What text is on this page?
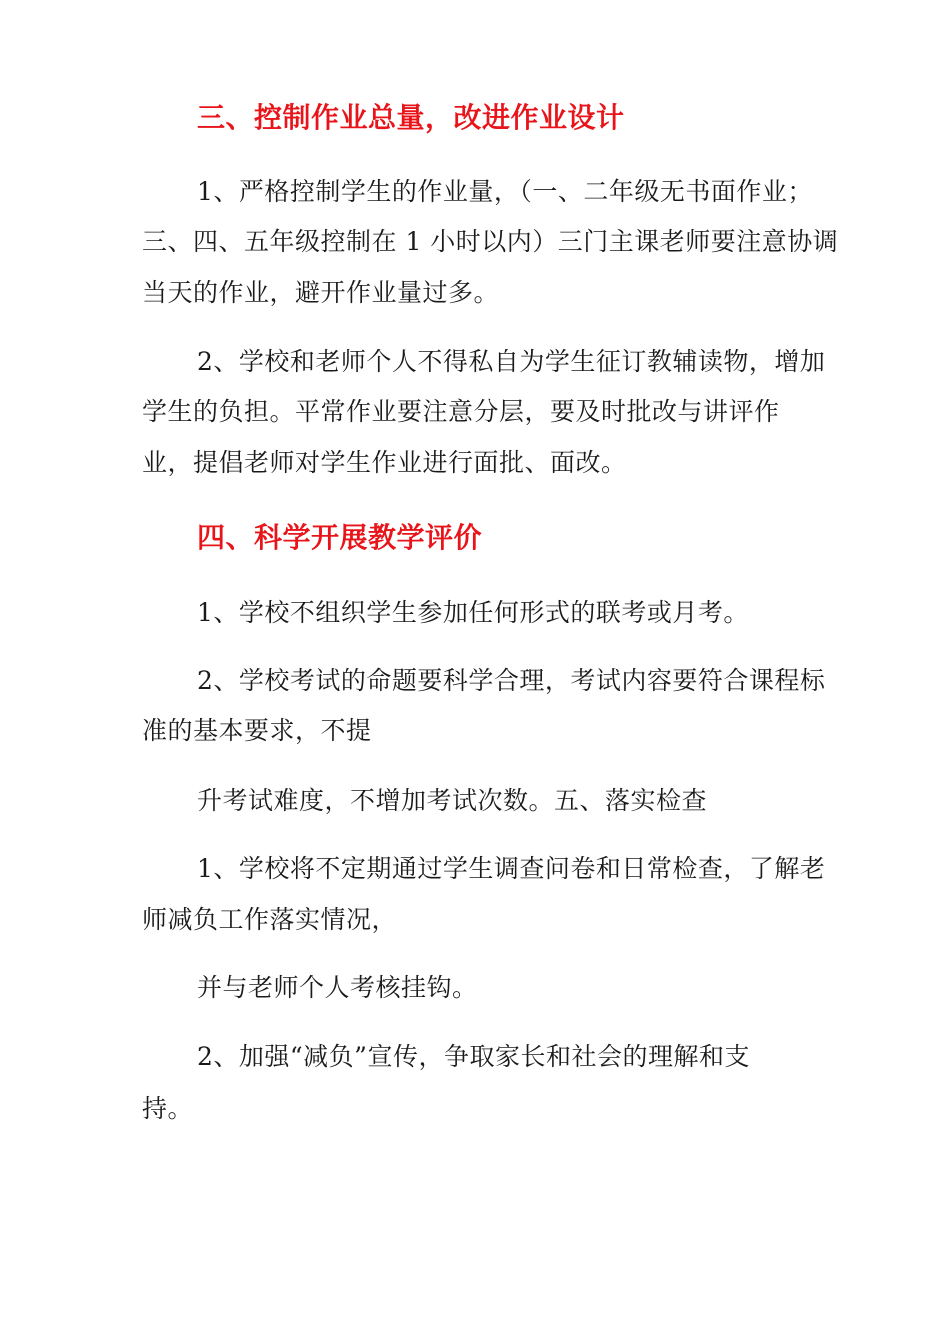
三、控制作业总量，改进作业设计

1、严格控制学生的作业量，（一、二年级无书面作业；

三、四、五年级控制在 1 小时以内）三门主课老师要注意协调

当天的作业，避开作业量过多。

2、学校和老师个人不得私自为学生征订教辅读物，增加

学生的负担。平常作业要注意分层，要及时批改与讲评作

业，提倡老师对学生作业进行面批、面改。

四、科学开展教学评价

1、学校不组织学生参加任何形式的联考或月考。

2、学校考试的命题要科学合理，考试内容要符合课程标

准的基本要求，不提

升考试难度，不增加考试次数。五、落实检查

1、学校将不定期通过学生调查问卷和日常检查，了解老

师减负工作落实情况，

并与老师个人考核挂钩。

2、加强“减负”宣传，争取家长和社会的理解和支

持。
